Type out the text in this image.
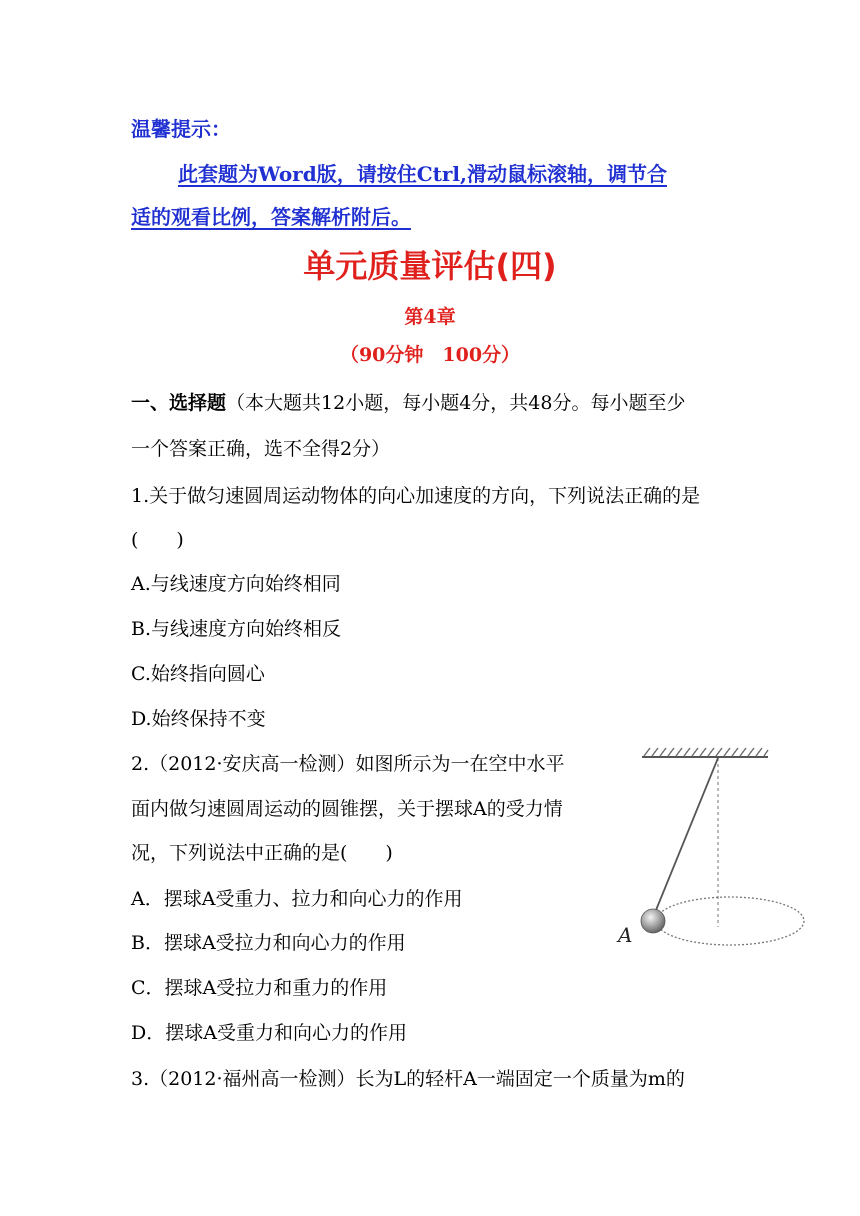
温馨提示：
此套题为Word版，请按住Ctrl,滑动鼠标滚轴，调节合
适的观看比例，答案解析附后。
单元质量评估(四)
第4章
（90分钟　100分）
一、选择题（本大题共12小题，每小题4分，共48分。每小题至少
一个答案正确，选不全得2分）
1.关于做匀速圆周运动物体的向心加速度的方向，下列说法正确的是
(　　)
A.与线速度方向始终相同
B.与线速度方向始终相反
C.始终指向圆心
D.始终保持不变
2.（2012·安庆高一检测）如图所示为一在空中水平
面内做匀速圆周运动的圆锥摆，关于摆球A的受力情
况，下列说法中正确的是(　　)
A．摆球A受重力、拉力和向心力的作用
B．摆球A受拉力和向心力的作用
C．摆球A受拉力和重力的作用
D．摆球A受重力和向心力的作用
A
3.（2012·福州高一检测）长为L的轻杆A一端固定一个质量为m的
